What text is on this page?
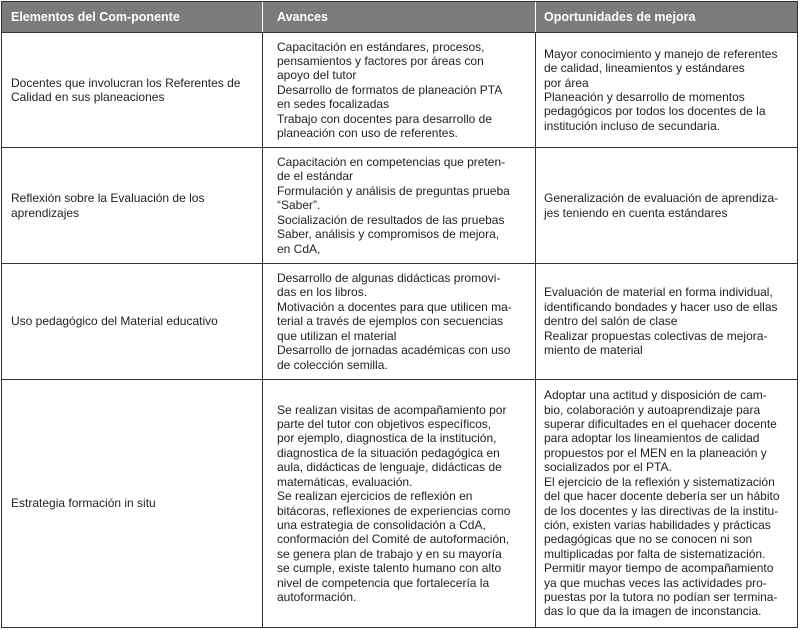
Elementos del Com-ponente	Avances	Oportunidades de mejora
Docentes que involucran los Referentes de
Calidad en sus planeaciones
Capacitación en estándares, procesos,
pensamientos y factores por áreas con
apoyo del tutor
Desarrollo de formatos de planeación PTA
en sedes focalizadas
Trabajo con docentes para desarrollo de
planeación con uso de referentes.
Mayor conocimiento y manejo de referentes
de calidad, lineamientos y estándares
por área
Planeación y desarrollo de momentos
pedagógicos por todos los docentes de la
institución incluso de secundaria.
Reflexión sobre la Evaluación de los
aprendizajes
Capacitación en competencias que preten-
de el estándar
Formulación y análisis de preguntas prueba
“Saber”.
Socialización de resultados de las pruebas
Saber, análisis y compromisos de mejora,
en CdA,
Generalización de evaluación de aprendiza-
jes teniendo en cuenta estándares
Uso pedagógico del Material educativo
Desarrollo de algunas didácticas promovi-
das en los libros.
Motivación a docentes para que utilicen ma-
terial a través de ejemplos con secuencias
que utilizan el material
Desarrollo de jornadas académicas con uso
de colección semilla.
Evaluación de material en forma individual,
identificando bondades y hacer uso de ellas
dentro del salón de clase
Realizar propuestas colectivas de mejora-
miento de material
Estrategia formación in situ
Se realizan visitas de acompañamiento por
parte del tutor con objetivos específicos,
por ejemplo, diagnostica de la institución,
diagnostica de la situación pedagógica en
aula, didácticas de lenguaje, didácticas de
matemáticas, evaluación.
Se realizan ejercicios de reflexión en
bitácoras, reflexiones de experiencias como
una estrategia de consolidación a CdA,
conformación del Comité de autoformación,
se genera plan de trabajo y en su mayoría
se cumple, existe talento humano con alto
nivel de competencia que fortalecería la
autoformación.
Adoptar una actitud y disposición de cam-
bio, colaboración y autoaprendizaje para
superar dificultades en el quehacer docente
para adoptar los lineamientos de calidad
propuestos por el MEN en la planeación y
socializados por el PTA.
El ejercicio de la reflexión y sistematización
del que hacer docente debería ser un hábito
de los docentes y las directivas de la institu-
ción, existen varias habilidades y prácticas
pedagógicas que no se conocen ni son
multiplicadas por falta de sistematización.
Permitir mayor tiempo de acompañamiento
ya que muchas veces las actividades pro-
puestas por la tutora no podían ser termina-
das lo que da la imagen de inconstancia.
